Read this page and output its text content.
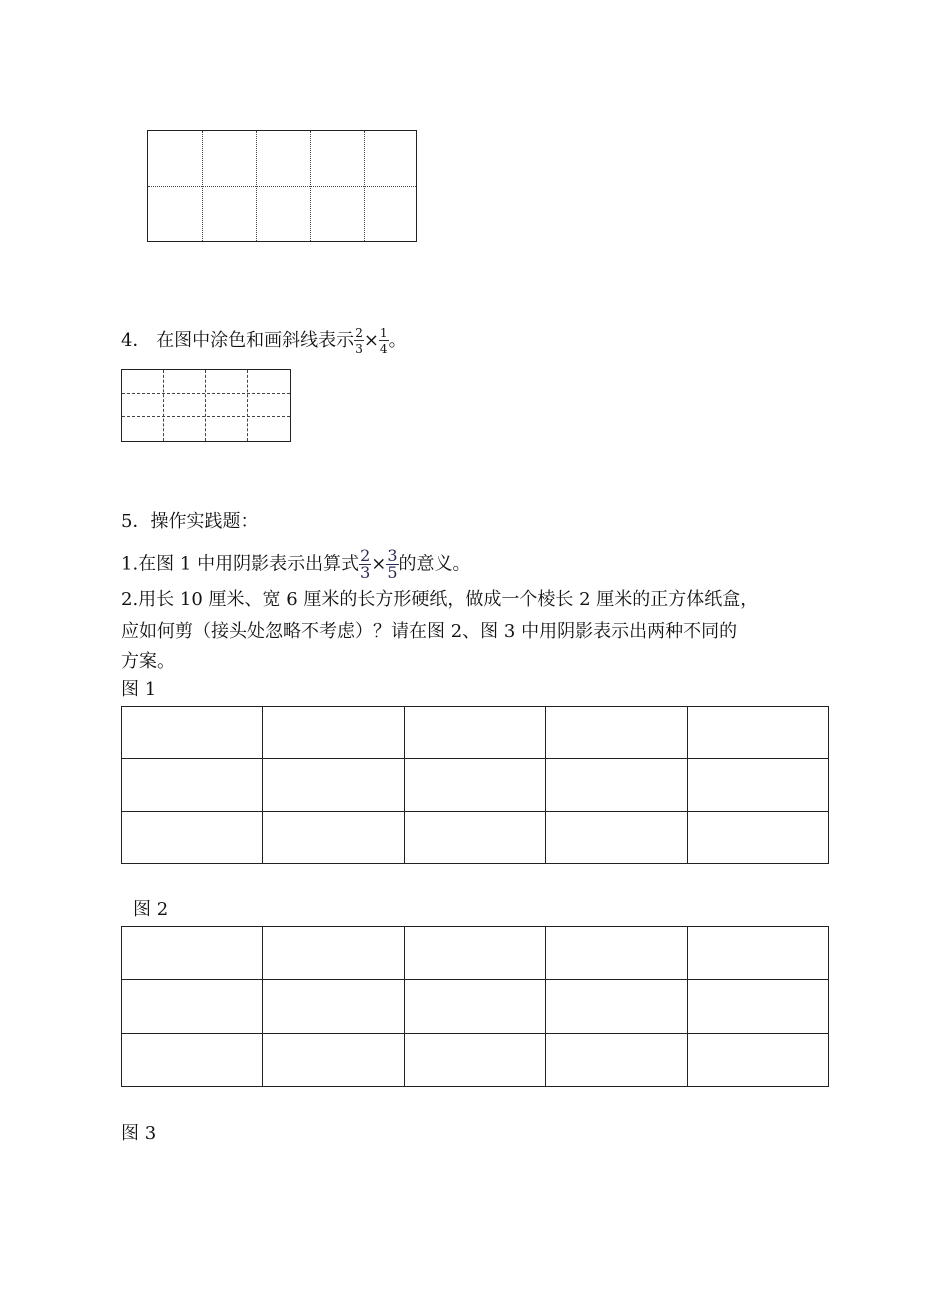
4． 在图中涂色和画斜线表示 $\frac{2}{3} \times \frac{1}{4}$ 。
5．操作实践题：
1.在图 1 中用阴影表示出算式 $\frac{2}{3} \times \frac{3}{5}$ 的意义。
2.用长 10 厘米、宽 6 厘米的长方形硬纸，做成一个棱长 2 厘米的正方体纸盒，
应如何剪（接头处忽略不考虑）？请在图 2、图 3 中用阴影表示出两种不同的
方案。
图 1

图 2

图 3
